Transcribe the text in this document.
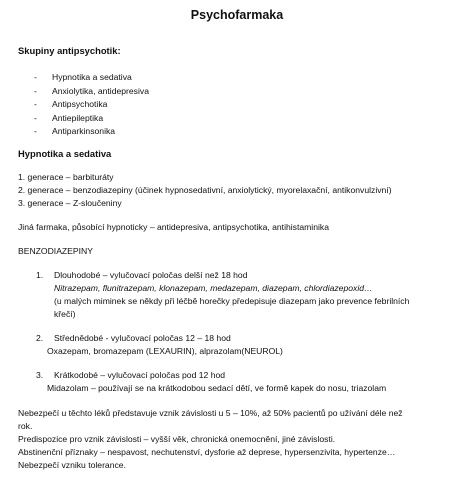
Psychofarmaka
Skupiny antipsychotik:
- Hypnotika a sedativa
- Anxiolytika, antidepresiva
- Antipsychotika
- Antiepileptika
- Antiparkinsonika
Hypnotika a sedativa
1. generace – barbituráty
2. generace – benzodiazepiny (účinek hypnosedativní, anxiolytický, myorelaxační, antikonvulzivní)
3. generace – Z-sloučeniny
Jiná farmaka, působící hypnoticky – antidepresiva, antipsychotika, antihistaminika
BENZODIAZEPINY
1. Dlouhodobé – vylučovací poločas delší než 18 hod
Nitrazepam, flunitrazepam, klonazepam, medazepam, diazepam, chlordiazepoxid…
(u malých miminek se někdy při léčbě horečky předepisuje diazepam jako prevence febrilních
křečí)
2. Střednědobé - vylučovací poločas 12 – 18 hod
Oxazepam, bromazepam (LEXAURIN), alprazolam(NEUROL)
3. Krátkodobé – vylučovací poločas pod 12 hod
Midazolam – používají se na krátkodobou sedací dětí, ve formě kapek do nosu, triazolam
Nebezpečí u těchto léků představuje vznik závislosti u 5 – 10%, až 50% pacientů po užívání déle než
rok.
Predispozice pro vznik závislosti – vyšší věk, chronická onemocnění, jiné závislosti.
Abstinenční příznaky – nespavost, nechutenství, dysforie až deprese, hypersenzivita, hypertenze…
Nebezpečí vzniku tolerance.
